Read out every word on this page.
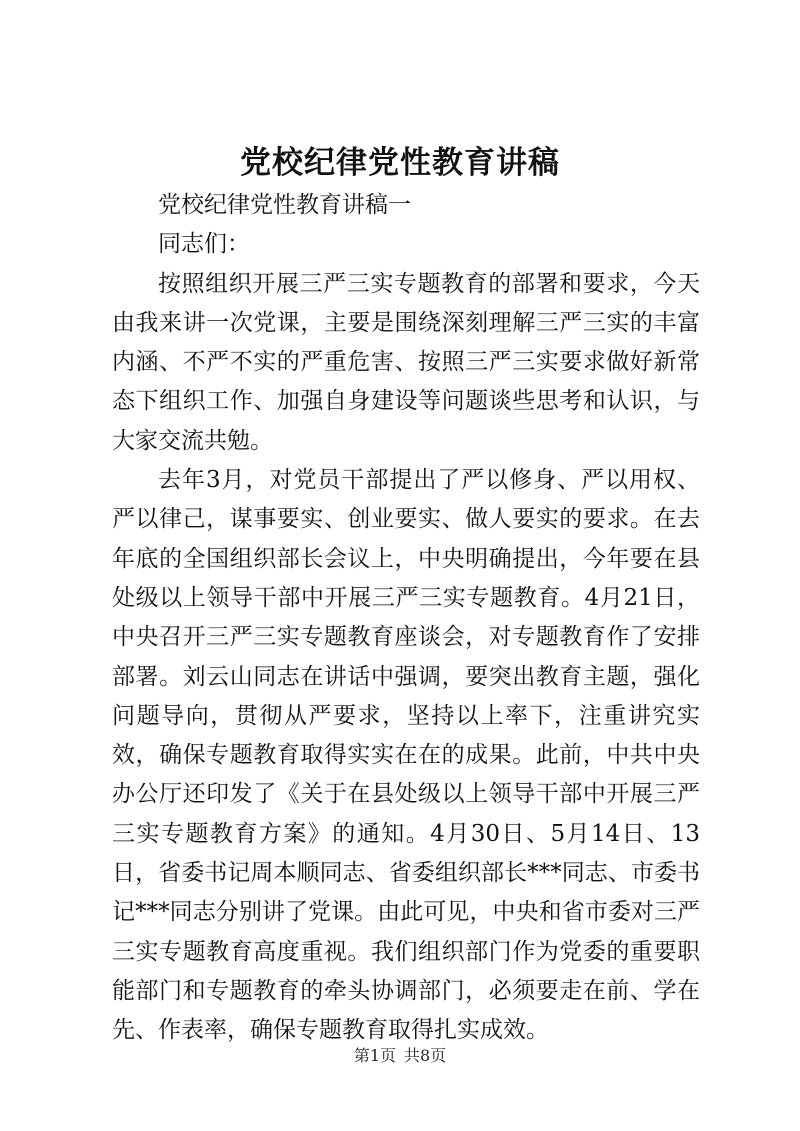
党校纪律党性教育讲稿

党校纪律党性教育讲稿一

同志们：

按照组织开展三严三实专题教育的部署和要求，今天由我来讲一次党课，主要是围绕深刻理解三严三实的丰富内涵、不严不实的严重危害、按照三严三实要求做好新常态下组织工作、加强自身建设等问题谈些思考和认识，与大家交流共勉。

去年3月，对党员干部提出了严以修身、严以用权、严以律己，谋事要实、创业要实、做人要实的要求。在去年底的全国组织部长会议上，中央明确提出，今年要在县处级以上领导干部中开展三严三实专题教育。4月21日，中央召开三严三实专题教育座谈会，对专题教育作了安排部署。刘云山同志在讲话中强调，要突出教育主题，强化问题导向，贯彻从严要求，坚持以上率下，注重讲究实效，确保专题教育取得实实在在的成果。此前，中共中央办公厅还印发了《关于在县处级以上领导干部中开展三严三实专题教育方案》的通知。4月30日、5月14日、13日，省委书记周本顺同志、省委组织部长***同志、市委书记***同志分别讲了党课。由此可见，中央和省市委对三严三实专题教育高度重视。我们组织部门作为党委的重要职能部门和专题教育的牵头协调部门，必须要走在前、学在先、作表率，确保专题教育取得扎实成效。

第1页 共8页
